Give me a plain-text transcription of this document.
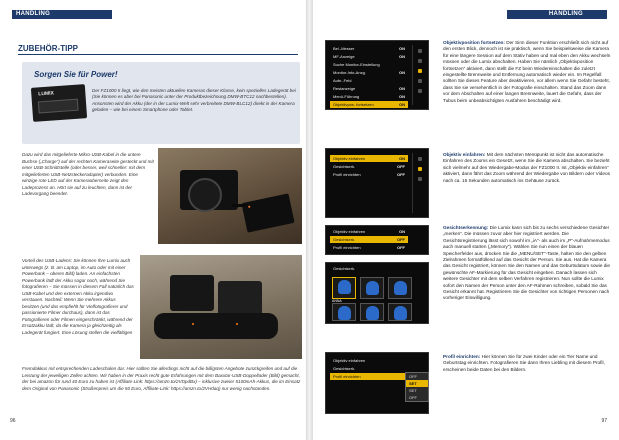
HANDLING
ZUBEHÖR-TIPP
Sorgen Sie für Power!
LUMIX	Der FZ1000 II liegt, wie den meisten aktuellen Kameras dieser Klasse, kein spezielles Ladegerät bei (Sie können es aber bei Panasonic unter der Produktbezeichnung DMW-BTC12 nachbestellen). Ansonsten wird der Akku (der in der Lumix-Welt sehr verbreitete DMW-BLC12) direkt in der Kamera geladen – wie bei einem Smartphone oder Tablet.
Dazu wird das mitgelieferte Mikro-USB-Kabel in die untere Buchse („Charge“) auf der rechten Kameraseite gesteckt und mit einer USB-Schnittstelle (oder besser, weil schneller: mit dem mitgelieferten USB-Netzsteckeradapter) verbunden. Eine winzige rote LED auf der Kameraoberseite zeigt den Ladeprozess an. Hört sie auf zu leuchten, dann ist der Ladevorgang beendet.
Vorteil des USB-Ladens: Sie können Ihre Lumix auch unterwegs (z. B. am Laptop, im Auto oder mit einer Powerbank – oberes Bild) laden. An einfachsten Powerbank lädt der Akku sogar noch, während Sie fotografieren – Sie müssen in diesem Fall natürlich das USB-Kabel und den externen Akku irgendwo verstauen. Nachteil: Wenn Sie mehrere Akkus besitzen (und das empfiehlt für Vielfotografierer und passionierte Filmer durchaus), dann ist das Fotografieren oder Filmen eingeschränkt, während der Ersatzakku lädt, da die Kamera ja gleichzeitig als Ladegerät fungiert. Eine Lösung stellen die vielfältigen
Fremdakkus mit entsprechenden Ladeschalen dar. Hier sollten Sie allerdings nicht auf die billigsten Angebote zurückgreifen und auf die Leistung der jeweiligen Zellen achten. Wir haben in der Praxis recht gute Erfahrungen mit dem Baxxtar-USB-Doppellader (Bild) gemacht, der bei amazon für rund 40 Euro zu haben ist (Affiliate-Link: https://amzn.to/2VDpdBx) – inklusive zweier 5100mAh-Akkus, die im Einsatz dem Original von Panasonic (Straßenpreis um die 50 Euro, Affiliate-Link: https://amzn.to/2VHdaq) nur wenig nachstanden.
96
HANDLING
Bel.-Messer	ON
MF-Anzeige	ON
Suche Monitor-Einstellung
Monitor-Info-Anzg.	ON
Aufn.-Feld
Restanzeige	ON
Menü-Führung	ON
Objektivpos. fortsetzen	ON
Objektiv einfahren	ON
Gesichtserk.	OFF
Profil einrichten	OFF
Objektiv einfahren	ON
Gesichtserk.	OFF
Profil einrichten	OFF
Gesichtserk.
ANNA
Objektiv einfahren
Gesichtserk.
Profil einrichten	OFF
SET
SET
OFF
Objektivposition fortsetzen: Der Sinn dieser Funktion erschließt sich nicht auf den ersten Blick, dennoch ist sie praktisch, wenn Sie beispielsweise die Kamera für eine längere Session auf dem Stativ haben und mal eben den Akku wechseln müssen oder die Lumix abschalten. Haben Sie nämlich „Objektivposition fortsetzen“ aktiviert, dann stellt die FZ beim Wiedereinschalten die zuletzt eingestellte Brennweite und Entfernung automatisch wieder ein. Im Regelfall sollten Sie dieses Feature aber deaktivieren, vor allem wenn Sie Gefahr besteht, dass Sie sie versehentlich in der Fotografie einschalten. Stand das Zoom dann vor dem Abschalten auf einer langen Brennweite, lauert die Gefahr, dass der Tubus beim unbeabsichtigten Ausfahren beschädigt wird.
Objektiv einfahren: Mit dem nächsten Menüpunkt ist nicht das automatische Einfahren des Zooms ein Gesetzt, wenn Sie die Kamera abschalten. Sie bezieht sich vielmehr auf den Wiedergabe-Modus der FZ1000 II. Ist „Objektiv einfahren“ aktiviert, dann fährt das Zoom während der Wiedergabe von Bildern oder Videos nach ca. 15 Sekunden automatisch ins Gehäuse zurück.
Gesichtserkennung: Die Lumix kann sich bis zu sechs verschiedene Gesichter „merken“. Die müssen zuvor aber hier registriert werden. Die Gesichtsregistrierung lässt sich sowohl im „iA“- als auch im „P“-Aufnahmemodus auch manuell starten („Memory“). Wählen Sie nun einen der blauen Speicherfelder aus, drücken Sie die „MENU/SET“-Taste, halten Sie den gelben Zielrahmen formatfüllend auf das Gesicht der Person. Sie aus. Hat die Kamera das Gesicht registriert, können Sie den Namen und das Geburtsdatum sowie die gewünschte AF-Markierung für das Gesicht eingeben. Danach lassen sich weitere Gesichter mit dem selben Verfahren registrieren. Nun sollte die Lumix sofort den Namen der Person unter den AF-Rahmen schreiben, sobald Sie das Gesicht erkannt hat. Registrieren Sie die Gesichter von richtigen Personen nach vorheriger Einwilligung.
Profil einrichten: Hier können Sie für zwei Kinder oder ein Tier Name und Geburtstag einrichten. Fotografieren Sie dann Ihren Liebling mit diesem Profil, erscheinen beide Daten bei den Bildern.
97
